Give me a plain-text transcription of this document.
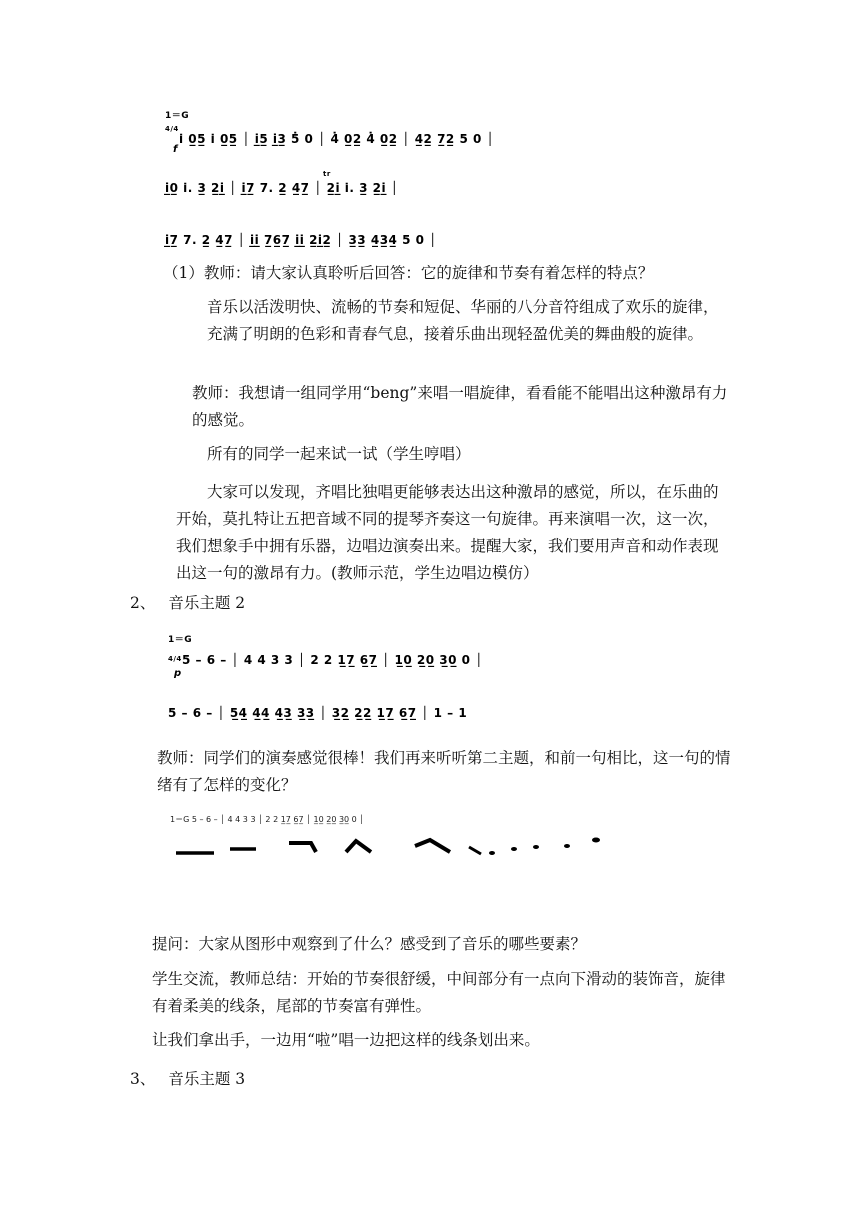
1＝G
f
4/4
i̇ 0̲5̲ i̇ 0̲5̲ │ i̲5̲ i̲3̲ 5̇ 0 │ 4̇ 0̲2̲ 4̇ 0̲2̲ │ 4̲2̲ 7̲2̲ 5 0 │
i̲0̲ i̇. 3̲ 2̲i̲ │ i̲7̲ 7. 2̲ 4̲7̲ │ 2̲i̲ i̇. 3̲ 2̲i̲ │
tr
i̲7̲ 7. 2̲ 4̲7̲ │ i̲i̲ 7̲6̲7̲ i̲i̲ 2̲i̲2̲ │ 3̲3̲ 4̲3̲4̲ 5 0 │
（1）教师：请大家认真聆听后回答：它的旋律和节奏有着怎样的特点？
音乐以活泼明快、流畅的节奏和短促、华丽的八分音符组成了欢乐的旋律，充满了明朗的色彩和青春气息，接着乐曲出现轻盈优美的舞曲般的旋律。
教师：我想请一组同学用“beng”来唱一唱旋律，看看能不能唱出这种激昂有力的感觉。
所有的同学一起来试一试（学生哼唱）
大家可以发现，齐唱比独唱更能够表达出这种激昂的感觉，所以，在乐曲的开始，莫扎特让五把音域不同的提琴齐奏这一句旋律。再来演唱一次，这一次，我们想象手中拥有乐器，边唱边演奏出来。提醒大家，我们要用声音和动作表现出这一句的激昂有力。(教师示范，学生边唱边模仿）
2、 音乐主题 2
1＝G
4/4
p
5 – 6 – │ 4 4 3 3 │ 2 2 1̲7̲ 6̲7̲ │ 1̲0̲ 2̲0̲ 3̲0̲ 0 │
5 – 6 – │ 5̲4̲ 4̲4̲ 4̲3̲ 3̲3̲ │ 3̲2̲ 2̲2̲ 1̲7̲ 6̲7̲ │ 1 – 1
教师：同学们的演奏感觉很棒！我们再来听听第二主题，和前一句相比，这一句的情绪有了怎样的变化？
1＝G 5 – 6 – │ 4 4 3 3 │ 2 2 1̲7̲ 6̲7̲ │ 1̲0̲ 2̲0̲ 3̲0̲ 0 │
提问：大家从图形中观察到了什么？感受到了音乐的哪些要素？
学生交流，教师总结：开始的节奏很舒缓，中间部分有一点向下滑动的装饰音，旋律有着柔美的线条，尾部的节奏富有弹性。
让我们拿出手，一边用“啦”唱一边把这样的线条划出来。
3、 音乐主题 3
